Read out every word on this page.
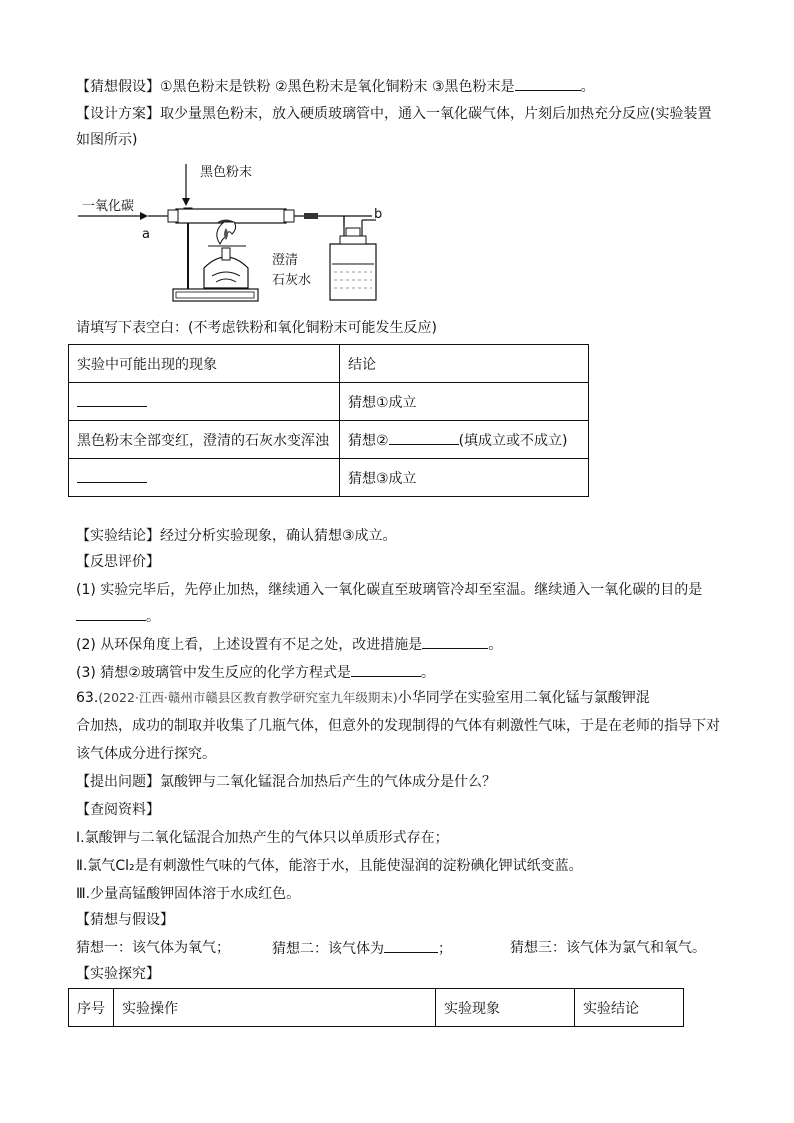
【猜想假设】①黑色粉末是铁粉 ②黑色粉末是氧化铜粉末 ③黑色粉末是	。
【设计方案】取少量黑色粉末，放入硬质玻璃管中，通入一氧化碳气体，片刻后加热充分反应(实验装置
如图所示)
一氧化碳
黑色粉末
a
b
澄清
石灰水
请填写下表空白：(不考虑铁粉和氧化铜粉末可能发生反应)
实验中可能出现的现象	结论
	猜想①成立
黑色粉末全部变红，澄清的石灰水变浑浊	猜想② (填成立或不成立)
	猜想③成立
【实验结论】经过分析实验现象，确认猜想③成立。
【反思评价】
(1) 实验完毕后，先停止加热，继续通入一氧化碳直至玻璃管冷却至室温。继续通入一氧化碳的目的是
。
(2) 从环保角度上看，上述设置有不足之处，改进措施是	。
(3) 猜想②玻璃管中发生反应的化学方程式是	。
63.(2022·江西·赣州市赣县区教育教学研究室九年级期末)小华同学在实验室用二氧化锰与氯酸钾混
合加热，成功的制取并收集了几瓶气体，但意外的发现制得的气体有刺激性气味，于是在老师的指导下对
该气体成分进行探究。
【提出问题】氯酸钾与二氧化锰混合加热后产生的气体成分是什么？
【查阅资料】
Ⅰ.氯酸钾与二氧化锰混合加热产生的气体只以单质形式存在；
Ⅱ.氯气Cl₂是有刺激性气味的气体，能溶于水，且能使湿润的淀粉碘化钾试纸变蓝。
Ⅲ.少量高锰酸钾固体溶于水成红色。
【猜想与假设】
猜想一：该气体为氧气；	猜想二：该气体为	；	猜想三：该气体为氯气和氧气。
【实验探究】
序号	实验操作	实验现象	实验结论
